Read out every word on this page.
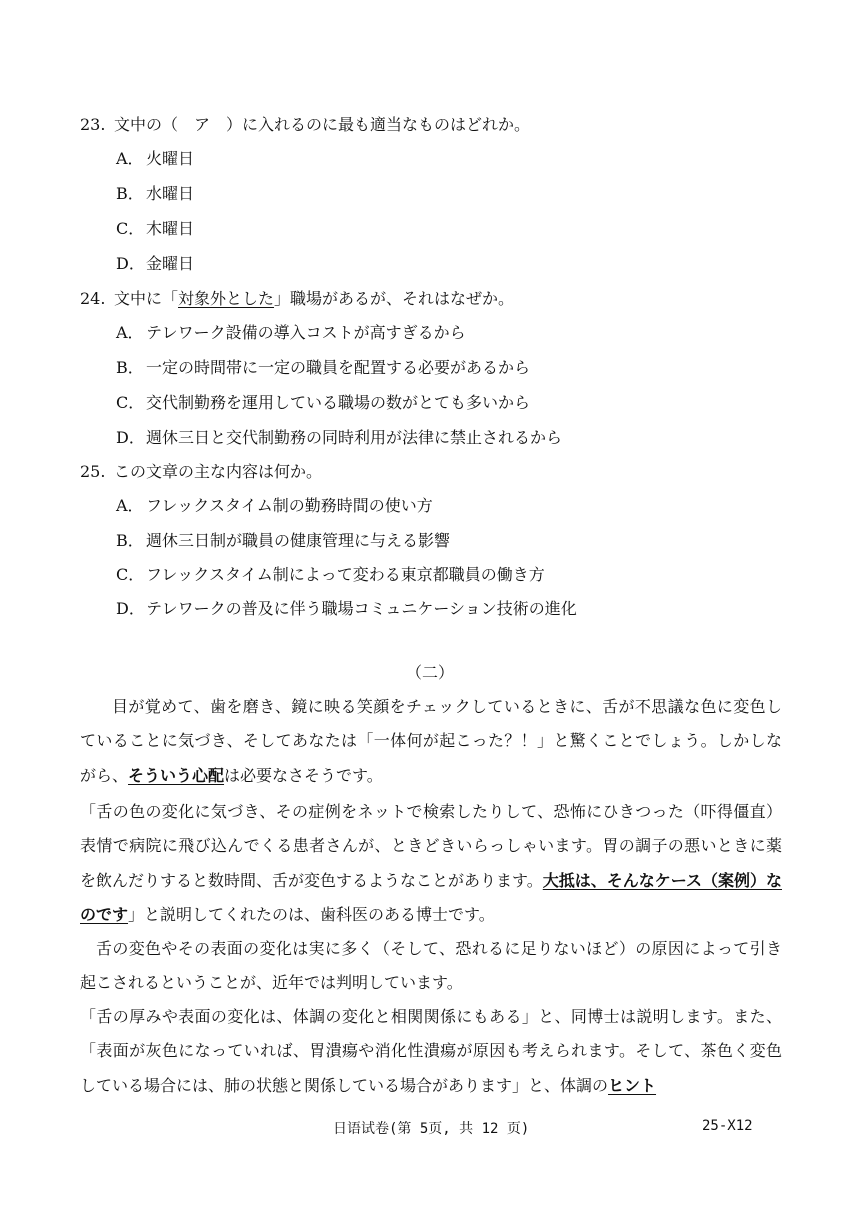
23. 文中の（　ア　）に入れるのに最も適当なものはどれか。
A． 火曜日
B． 水曜日
C． 木曜日
D．金曜日
24. 文中に「対象外とした」職場があるが、それはなぜか。
A． テレワーク設備の導入コストが高すぎるから
B． 一定の時間帯に一定の職員を配置する必要があるから
C． 交代制勤務を運用している職場の数がとても多いから
D．週休三日と交代制勤務の同時利用が法律に禁止されるから
25. この文章の主な内容は何か。
A． フレックスタイム制の勤務時間の使い方
B． 週休三日制が職員の健康管理に与える影響
C． フレックスタイム制によって変わる東京都職員の働き方
D．テレワークの普及に伴う職場コミュニケーション技術の進化
（二）
目が覚めて、歯を磨き、鏡に映る笑顔をチェックしているときに、舌が不思議な色に変色していることに気づき、そしてあなたは「一体何が起こった？！」と驚くことでしょう。しかしながら、そういう心配は必要なさそうです。
「舌の色の変化に気づき、その症例をネットで検索したりして、恐怖にひきつった（吓得僵直）表情で病院に飛び込んでくる患者さんが、ときどきいらっしゃいます。胃の調子の悪いときに薬を飲んだりすると数時間、舌が変色するようなことがあります。大抵は、そんなケース（案例）なのです」と説明してくれたのは、歯科医のある博士です。
舌の変色やその表面の変化は実に多く（そして、恐れるに足りないほど）の原因によって引き起こされるということが、近年では判明しています。
「舌の厚みや表面の変化は、体調の変化と相関関係にもある」と、同博士は説明します。また、「表面が灰色になっていれば、胃潰瘍や消化性潰瘍が原因も考えられます。そして、茶色く変色している場合には、肺の状態と関係している場合があります」と、体調のヒント
日语试卷(第 5页, 共 12 页)	25-X12
